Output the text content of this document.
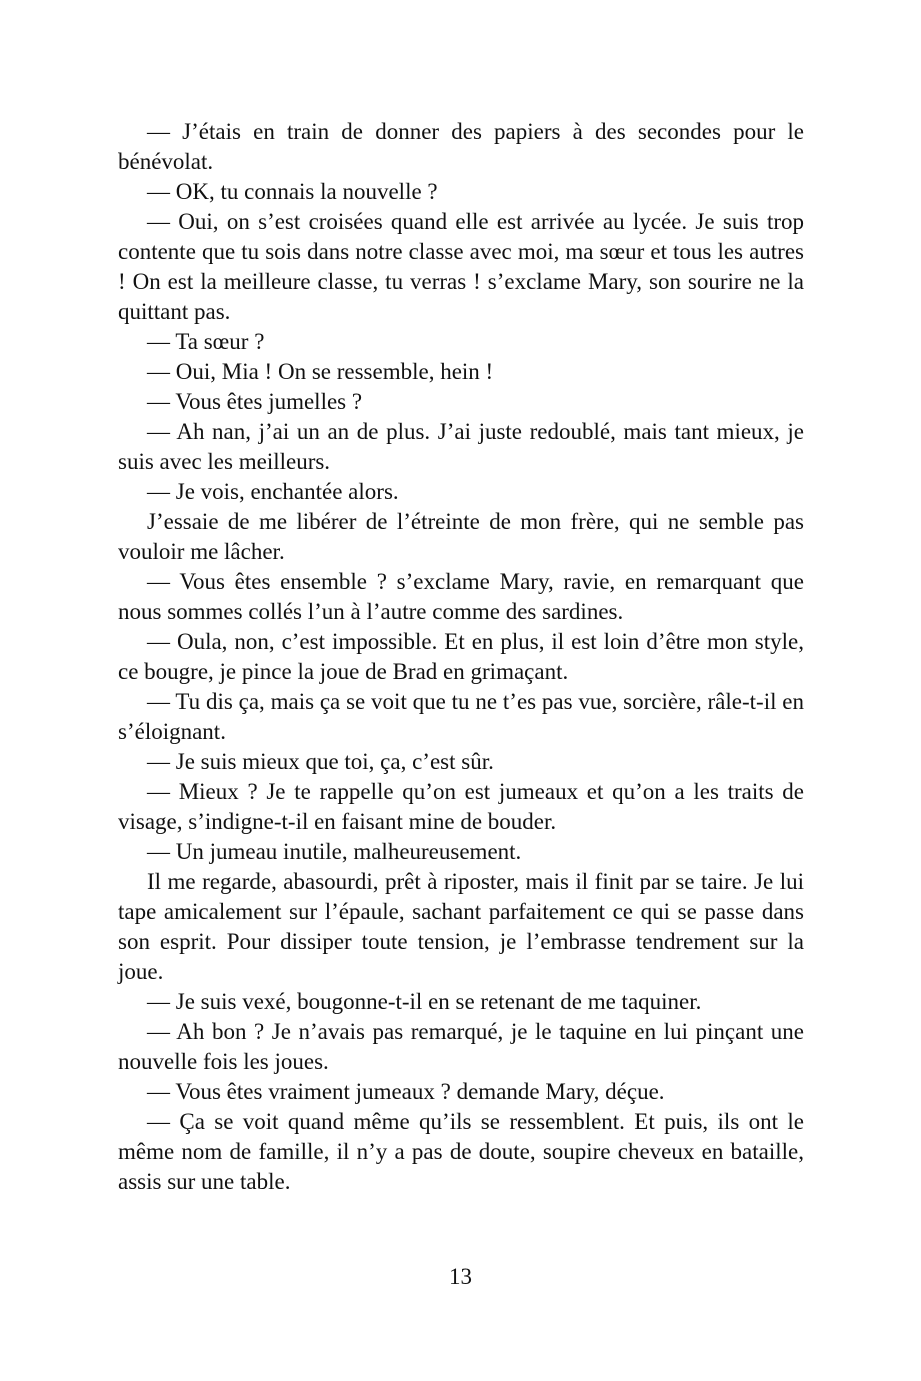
— J’étais en train de donner des papiers à des secondes pour le bénévolat.

— OK, tu connais la nouvelle ?

— Oui, on s’est croisées quand elle est arrivée au lycée. Je suis trop contente que tu sois dans notre classe avec moi, ma sœur et tous les autres ! On est la meilleure classe, tu verras ! s’exclame Mary, son sourire ne la quittant pas.

— Ta sœur ?

— Oui, Mia ! On se ressemble, hein !

— Vous êtes jumelles ?

— Ah nan, j’ai un an de plus. J’ai juste redoublé, mais tant mieux, je suis avec les meilleurs.

— Je vois, enchantée alors.

J’essaie de me libérer de l’étreinte de mon frère, qui ne semble pas vouloir me lâcher.

— Vous êtes ensemble ? s’exclame Mary, ravie, en remarquant que nous sommes collés l’un à l’autre comme des sardines.

— Oula, non, c’est impossible. Et en plus, il est loin d’être mon style, ce bougre, je pince la joue de Brad en grimaçant.

— Tu dis ça, mais ça se voit que tu ne t’es pas vue, sorcière, râle-t-il en s’éloignant.

— Je suis mieux que toi, ça, c’est sûr.

— Mieux ? Je te rappelle qu’on est jumeaux et qu’on a les traits de visage, s’indigne-t-il en faisant mine de bouder.

— Un jumeau inutile, malheureusement.

Il me regarde, abasourdi, prêt à riposter, mais il finit par se taire. Je lui tape amicalement sur l’épaule, sachant parfaitement ce qui se passe dans son esprit. Pour dissiper toute tension, je l’embrasse tendrement sur la joue.

— Je suis vexé, bougonne-t-il en se retenant de me taquiner.

— Ah bon ? Je n’avais pas remarqué, je le taquine en lui pinçant une nouvelle fois les joues.

— Vous êtes vraiment jumeaux ? demande Mary, déçue.

— Ça se voit quand même qu’ils se ressemblent. Et puis, ils ont le même nom de famille, il n’y a pas de doute, soupire cheveux en bataille, assis sur une table.

13
